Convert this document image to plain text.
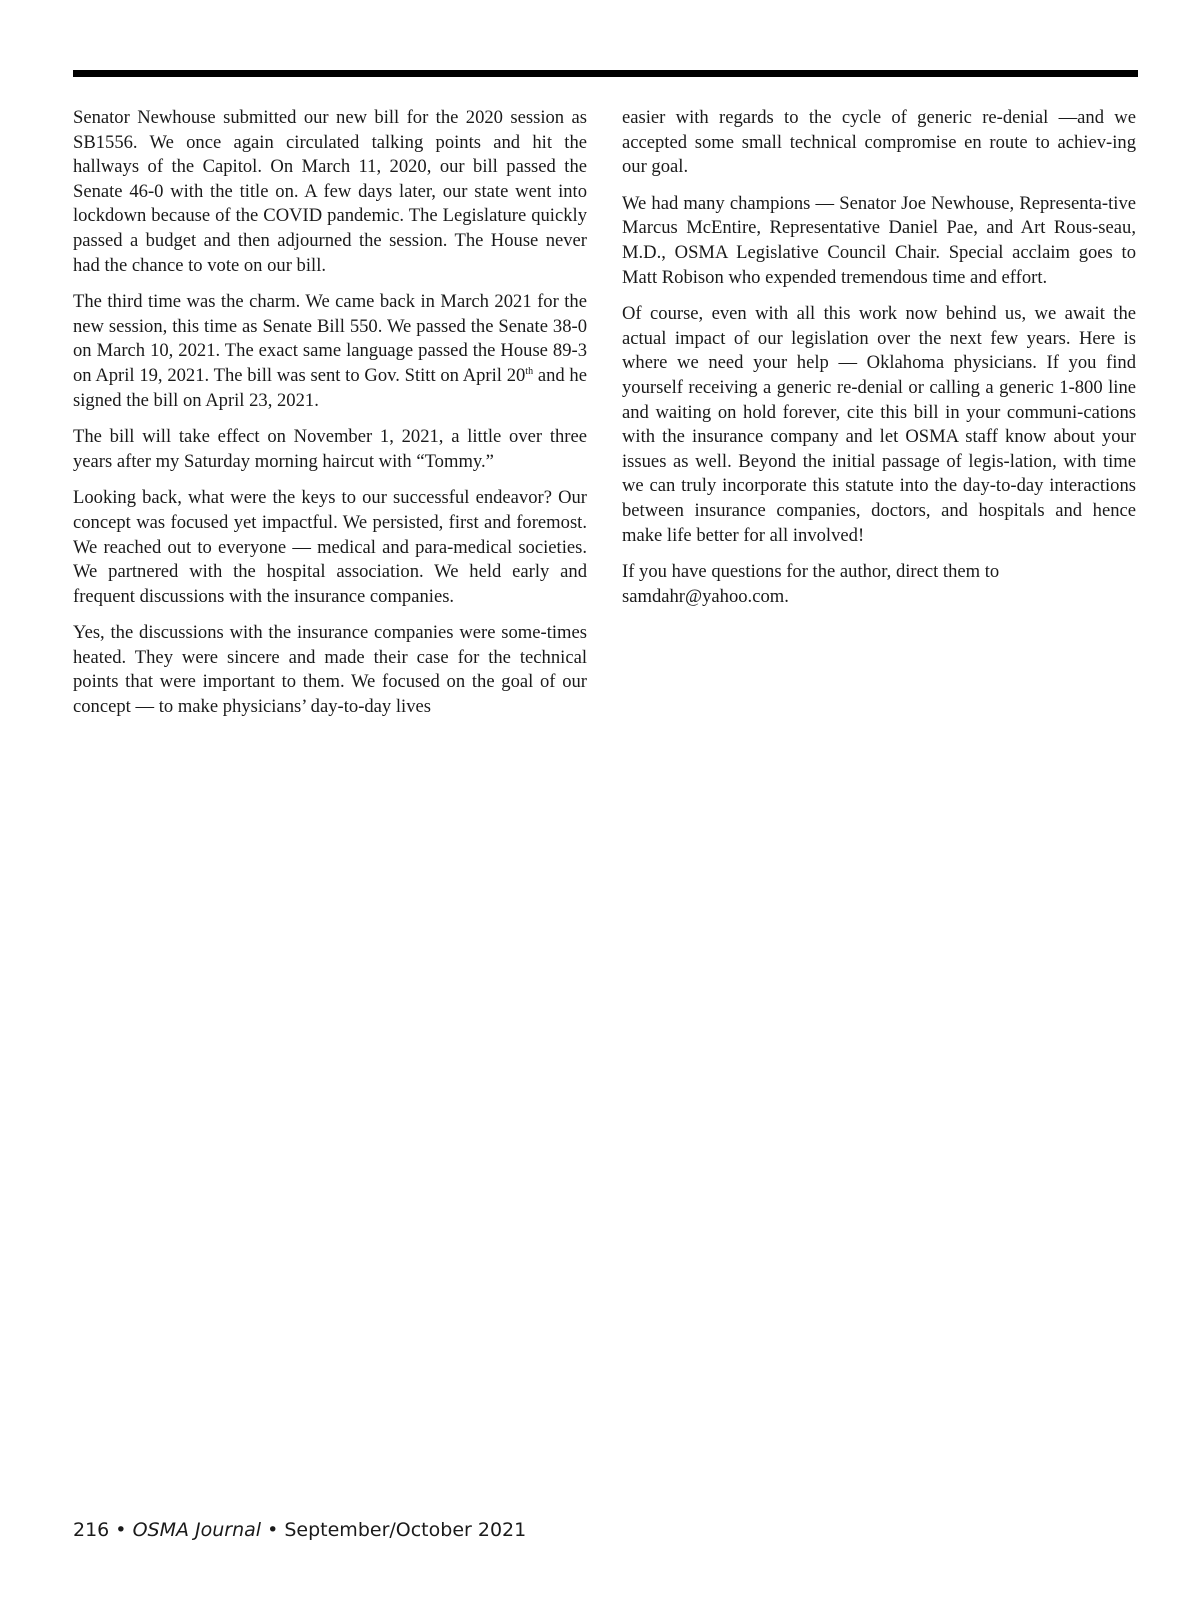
Senator Newhouse submitted our new bill for the 2020 session as SB1556. We once again circulated talking points and hit the hallways of the Capitol. On March 11, 2020, our bill passed the Senate 46-0 with the title on. A few days later, our state went into lockdown because of the COVID pandemic. The Legislature quickly passed a budget and then adjourned the session. The House never had the chance to vote on our bill.

The third time was the charm. We came back in March 2021 for the new session, this time as Senate Bill 550. We passed the Senate 38-0 on March 10, 2021. The exact same language passed the House 89-3 on April 19, 2021. The bill was sent to Gov. Stitt on April 20th and he signed the bill on April 23, 2021.

The bill will take effect on November 1, 2021, a little over three years after my Saturday morning haircut with “Tommy.”

Looking back, what were the keys to our successful endeavor? Our concept was focused yet impactful. We persisted, first and foremost. We reached out to everyone — medical and para-medical societies. We partnered with the hospital association. We held early and frequent discussions with the insurance companies.

Yes, the discussions with the insurance companies were some-times heated. They were sincere and made their case for the technical points that were important to them. We focused on the goal of our concept — to make physicians’ day-to-day lives

easier with regards to the cycle of generic re-denial —and we accepted some small technical compromise en route to achiev-ing our goal.

We had many champions — Senator Joe Newhouse, Representa-tive Marcus McEntire, Representative Daniel Pae, and Art Rous-seau, M.D., OSMA Legislative Council Chair. Special acclaim goes to Matt Robison who expended tremendous time and effort.

Of course, even with all this work now behind us, we await the actual impact of our legislation over the next few years. Here is where we need your help — Oklahoma physicians. If you find yourself receiving a generic re-denial or calling a generic 1-800 line and waiting on hold forever, cite this bill in your communi-cations with the insurance company and let OSMA staff know about your issues as well. Beyond the initial passage of legis-lation, with time we can truly incorporate this statute into the day-to-day interactions between insurance companies, doctors, and hospitals and hence make life better for all involved!

If you have questions for the author, direct them to
samdahr@yahoo.com.

216 • OSMA Journal • September/October 2021
